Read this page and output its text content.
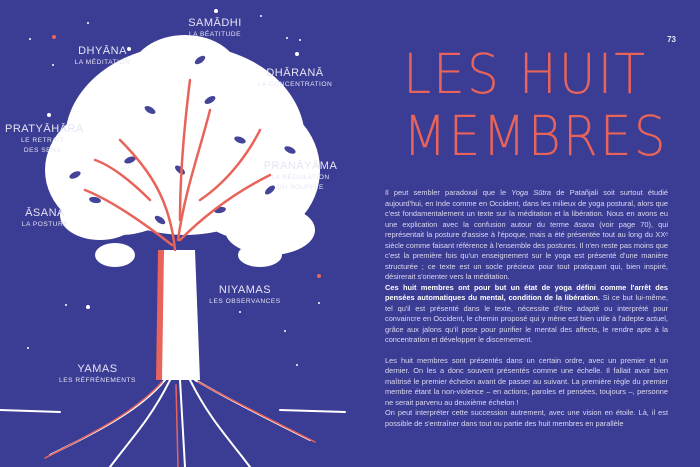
SAMĀDHI
LA BÉATITUDE
DHYĀNA
LA MÉDITATION
DHĀRANĀ
LA CONCENTRATION
PRATYĀHĀRA
LE RETRAIT
DES SENS
PRANĀYĀMA
LA RÉGULATION
DU SOUFFLE
ĀSANA
LA POSTURE
NIYAMAS
LES OBSERVANCES
YAMAS
LES RÉFRÉNEMENTS
73
LES HUIT
MEMBRES

Il peut sembler paradoxal que le Yoga Sūtra de Patañjali soit surtout étudié aujourd'hui, en Inde comme en Occident, dans les milieux de yoga postural, alors que c'est fondamentalement un texte sur la méditation et la libération. Nous en avons eu une explication avec la confusion autour du terme āsana (voir page 70), qui représentait la posture d'assise à l'époque, mais a été présentée tout au long du XXᵉ siècle comme faisant référence à l'ensemble des postures. Il n'en reste pas moins que c'est la première fois qu'un enseignement sur le yoga est présenté d'une manière structurée ; ce texte est un socle précieux pour tout pratiquant qui, bien inspiré, désirerait s'orienter vers la méditation.
Ces huit membres ont pour but un état de yoga défini comme l'arrêt des pensées automatiques du mental, condition de la libération. Si ce but lui-même, tel qu'il est présenté dans le texte, nécessite d'être adapté ou interprété pour convaincre en Occident, le chemin proposé qui y mène est bien utile à l'adepte actuel, grâce aux jalons qu'il pose pour purifier le mental des affects, le rendre apte à la concentration et développer le discernement.

Les huit membres sont présentés dans un certain ordre, avec un premier et un dernier. On les a donc souvent présentés comme une échelle. Il fallait avoir bien maîtrisé le premier échelon avant de passer au suivant. La première règle du premier membre étant la non-violence – en actions, paroles et pensées, toujours –, personne ne serait parvenu au deuxième échelon !

On peut interpréter cette succession autrement, avec une vision en étoile. Là, il est possible de s'entraîner dans tout ou partie des huit membres en parallèle
